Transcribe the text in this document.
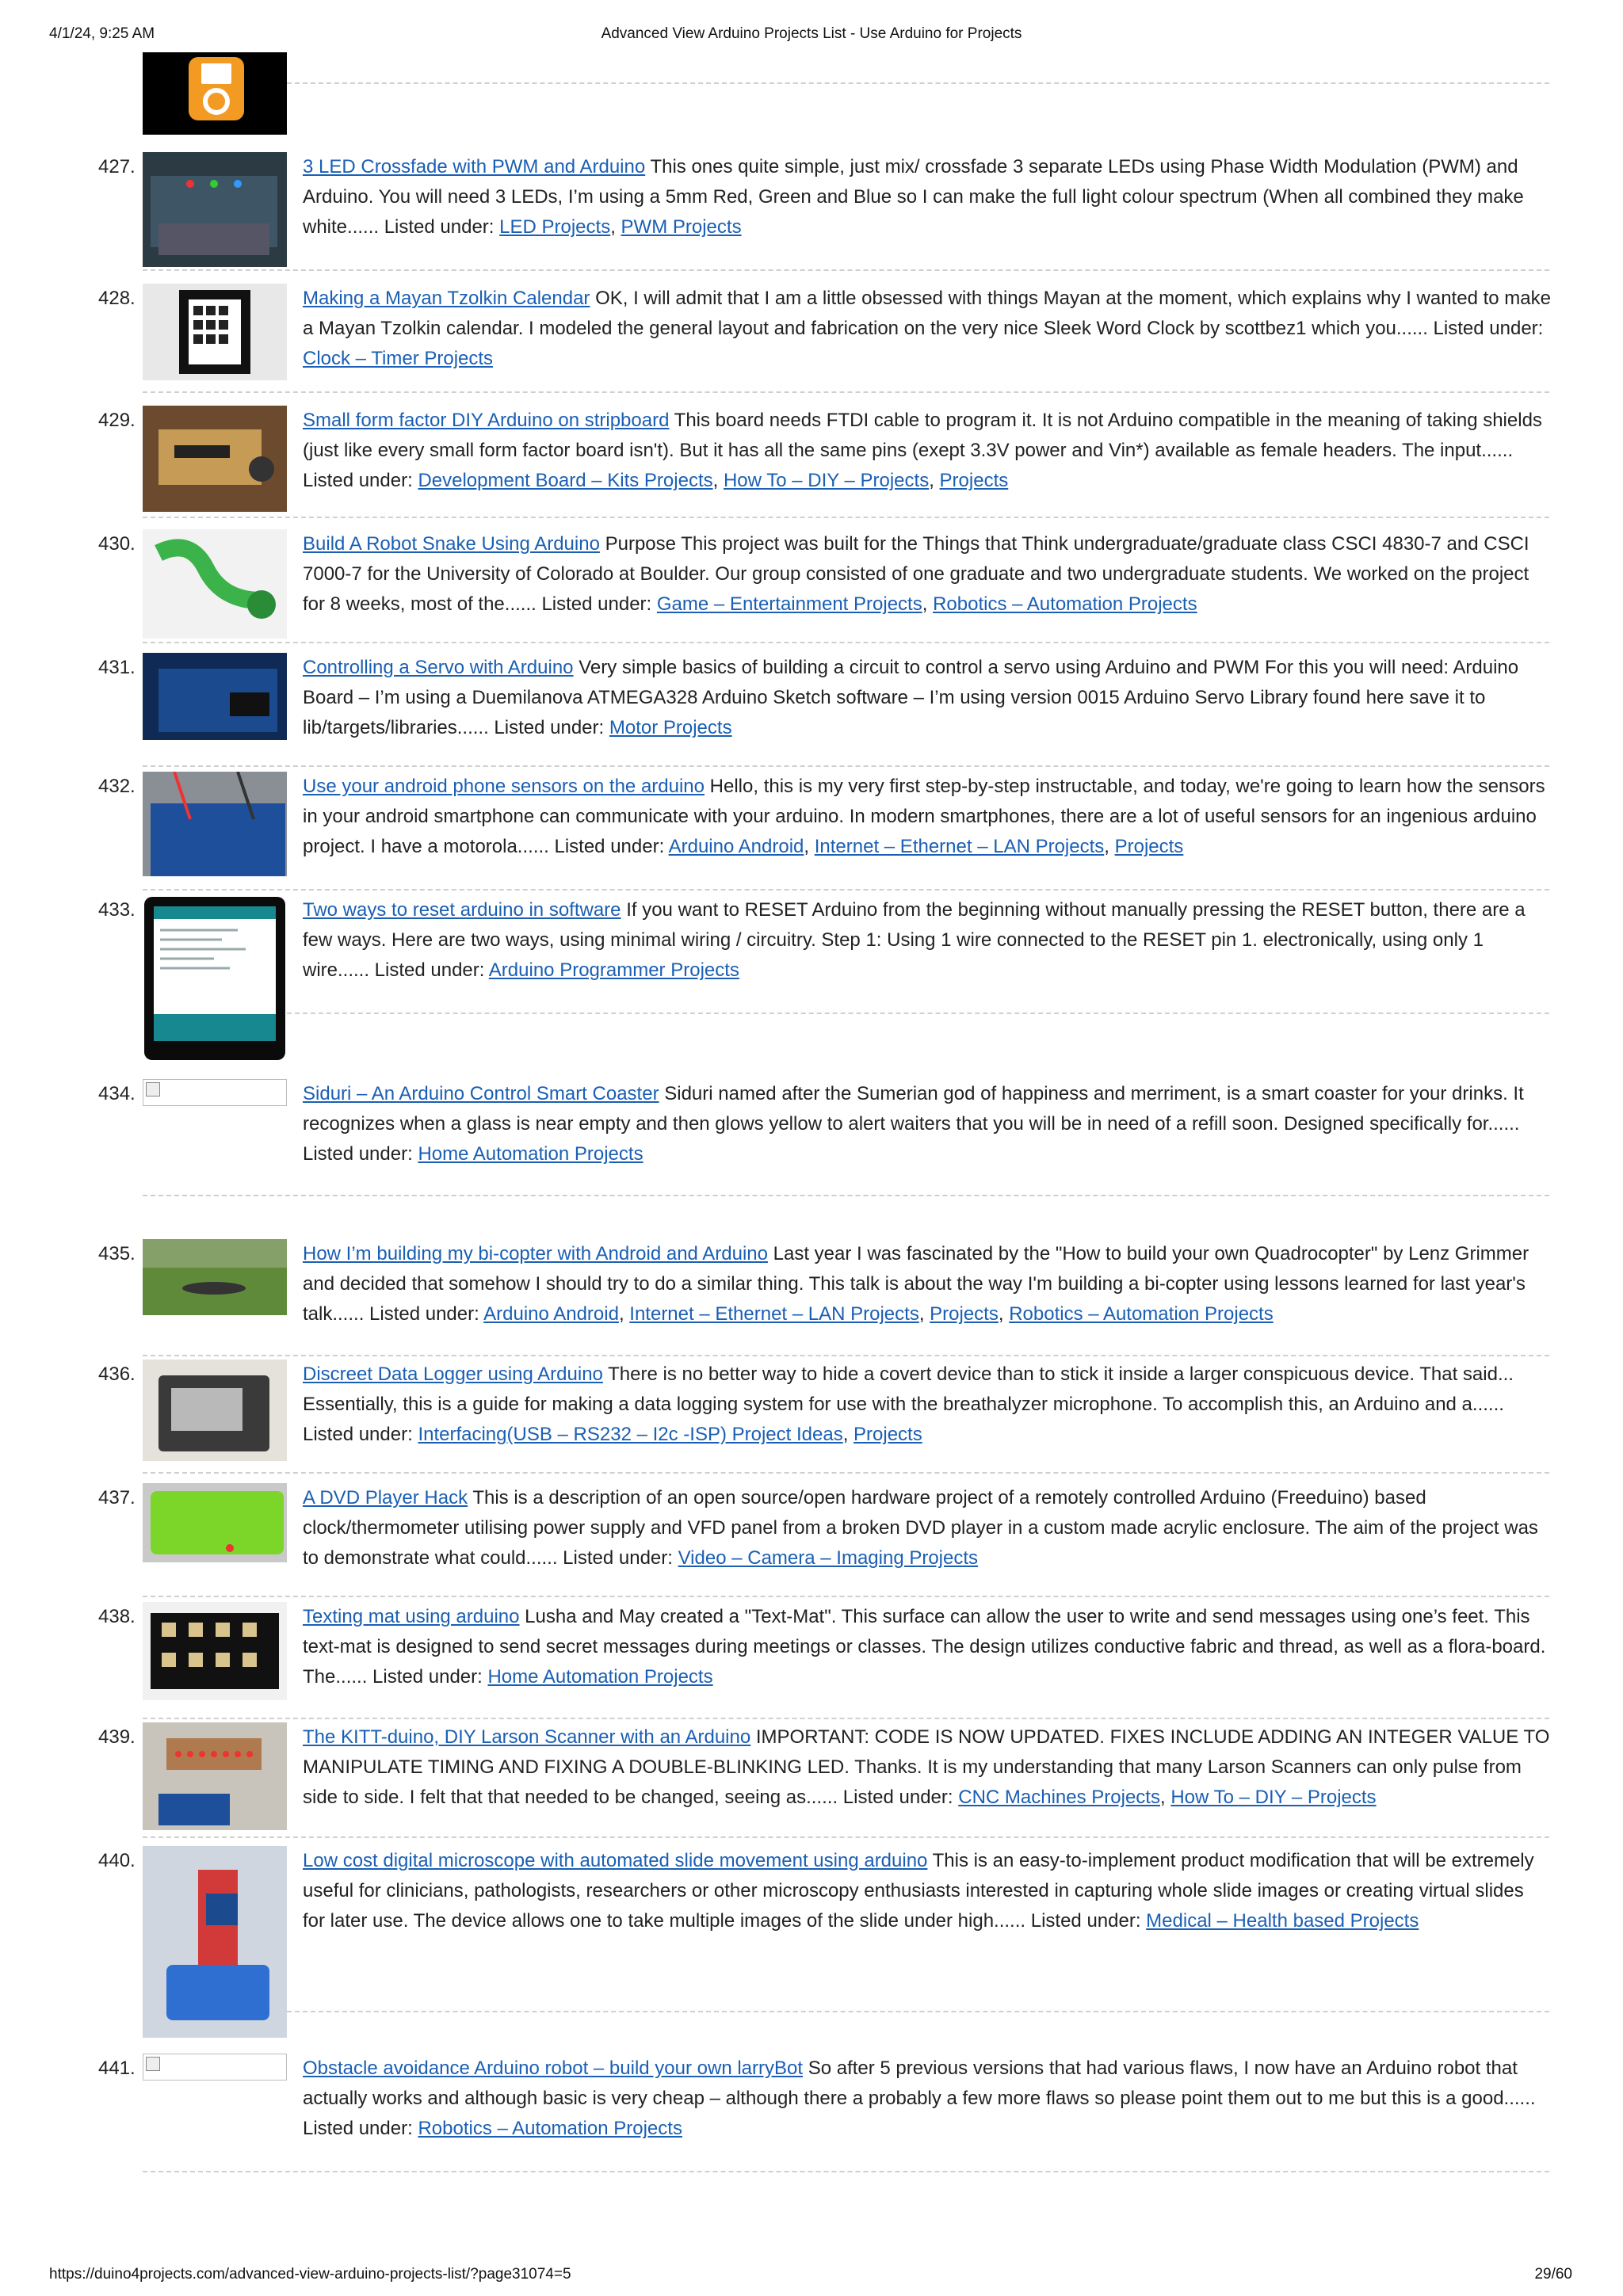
4/1/24, 9:25 AM	Advanced View Arduino Projects List - Use Arduino for Projects
427.	3 LED Crossfade with PWM and Arduino This ones quite simple, just mix/ crossfade 3 separate LEDs using Phase Width Modulation (PWM) and Arduino. You will need 3 LEDs, I’m using a 5mm Red, Green and Blue so I can make the full light colour spectrum (When all combined they make white...... Listed under: LED Projects, PWM Projects
428.	Making a Mayan Tzolkin Calendar OK, I will admit that I am a little obsessed with things Mayan at the moment, which explains why I wanted to make a Mayan Tzolkin calendar. I modeled the general layout and fabrication on the very nice Sleek Word Clock by scottbez1 which you...... Listed under: Clock – Timer Projects
429.	Small form factor DIY Arduino on stripboard This board needs FTDI cable to program it. It is not Arduino compatible in the meaning of taking shields (just like every small form factor board isn't). But it has all the same pins (exept 3.3V power and Vin*) available as female headers. The input...... Listed under: Development Board – Kits Projects, How To – DIY – Projects, Projects
430.	Build A Robot Snake Using Arduino Purpose This project was built for the Things that Think undergraduate/graduate class CSCI 4830-7 and CSCI 7000-7 for the University of Colorado at Boulder. Our group consisted of one graduate and two undergraduate students. We worked on the project for 8 weeks, most of the...... Listed under: Game – Entertainment Projects, Robotics – Automation Projects
431.	Controlling a Servo with Arduino Very simple basics of building a circuit to control a servo using Arduino and PWM For this you will need: Arduino Board – I’m using a Duemilanova ATMEGA328 Arduino Sketch software – I’m using version 0015 Arduino Servo Library found here save it to lib/targets/libraries...... Listed under: Motor Projects
432.	Use your android phone sensors on the arduino Hello, this is my very first step-by-step instructable, and today, we're going to learn how the sensors in your android smartphone can communicate with your arduino. In modern smartphones, there are a lot of useful sensors for an ingenious arduino project. I have a motorola...... Listed under: Arduino Android, Internet – Ethernet – LAN Projects, Projects
433.	Two ways to reset arduino in software If you want to RESET Arduino from the beginning without manually pressing the RESET button, there are a few ways. Here are two ways, using minimal wiring / circuitry. Step 1: Using 1 wire connected to the RESET pin 1. electronically, using only 1 wire...... Listed under: Arduino Programmer Projects
434.	Siduri – An Arduino Control Smart Coaster Siduri named after the Sumerian god of happiness and merriment, is a smart coaster for your drinks. It recognizes when a glass is near empty and then glows yellow to alert waiters that you will be in need of a refill soon. Designed specifically for...... Listed under: Home Automation Projects
435.	How I’m building my bi-copter with Android and Arduino Last year I was fascinated by the "How to build your own Quadrocopter" by Lenz Grimmer and decided that somehow I should try to do a similar thing. This talk is about the way I'm building a bi-copter using lessons learned for last year's talk...... Listed under: Arduino Android, Internet – Ethernet – LAN Projects, Projects, Robotics – Automation Projects
436.	Discreet Data Logger using Arduino There is no better way to hide a covert device than to stick it inside a larger conspicuous device. That said... Essentially, this is a guide for making a data logging system for use with the breathalyzer microphone. To accomplish this, an Arduino and a...... Listed under: Interfacing(USB – RS232 – I2c -ISP) Project Ideas, Projects
437.	A DVD Player Hack This is a description of an open source/open hardware project of a remotely controlled Arduino (Freeduino) based clock/thermometer utilising power supply and VFD panel from a broken DVD player in a custom made acrylic enclosure. The aim of the project was to demonstrate what could...... Listed under: Video – Camera – Imaging Projects
438.	Texting mat using arduino Lusha and May created a "Text-Mat". This surface can allow the user to write and send messages using one’s feet. This text-mat is designed to send secret messages during meetings or classes. The design utilizes conductive fabric and thread, as well as a flora-board. The...... Listed under: Home Automation Projects
439.	The KITT-duino, DIY Larson Scanner with an Arduino IMPORTANT: CODE IS NOW UPDATED. FIXES INCLUDE ADDING AN INTEGER VALUE TO MANIPULATE TIMING AND FIXING A DOUBLE-BLINKING LED. Thanks. It is my understanding that many Larson Scanners can only pulse from side to side. I felt that that needed to be changed, seeing as...... Listed under: CNC Machines Projects, How To – DIY – Projects
440.	Low cost digital microscope with automated slide movement using arduino This is an easy-to-implement product modification that will be extremely useful for clinicians, pathologists, researchers or other microscopy enthusiasts interested in capturing whole slide images or creating virtual slides for later use. The device allows one to take multiple images of the slide under high...... Listed under: Medical – Health based Projects
441.	Obstacle avoidance Arduino robot – build your own larryBot So after 5 previous versions that had various flaws, I now have an Arduino robot that actually works and although basic is very cheap – although there a probably a few more flaws so please point them out to me but this is a good...... Listed under: Robotics – Automation Projects
https://duino4projects.com/advanced-view-arduino-projects-list/?page31074=5	29/60
